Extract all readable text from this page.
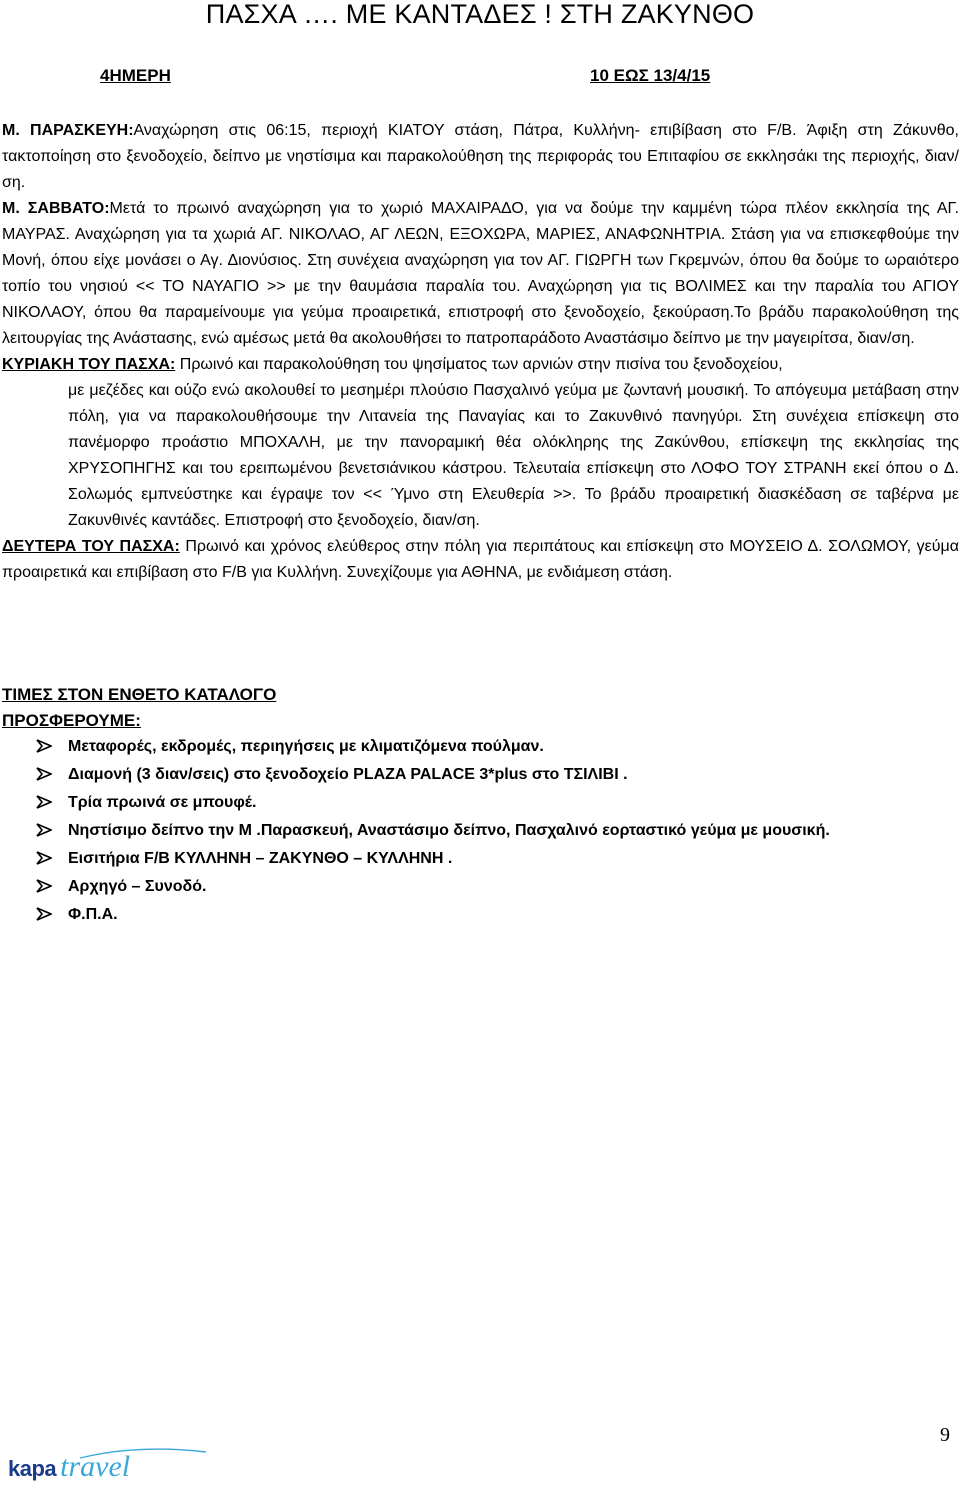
ΠΑΣΧΑ …. ΜΕ ΚΑΝΤΑΔΕΣ ! ΣΤΗ ΖΑΚΥΝΘΟ
4ΗΜΕΡΗ	10 ΕΩΣ 13/4/15

Μ. ΠΑΡΑΣΚΕΥΗ:Αναχώρηση στις 06:15, περιοχή ΚΙΑΤΟΥ στάση, Πάτρα, Κυλλήνη- επιβίβαση στο F/B. Άφιξη στη Ζάκυνθο, τακτοποίηση στο ξενοδοχείο, δείπνο με νηστίσιμα και παρακολούθηση της περιφοράς του Επιταφίου σε εκκλησάκι της περιοχής, διαν/ση.

Μ. ΣΑΒΒΑΤΟ:Μετά το πρωινό αναχώρηση για το χωριό ΜΑΧΑΙΡΑΔΟ, για να δούμε την καμμένη τώρα πλέον εκκλησία της ΑΓ. ΜΑΥΡΑΣ. Αναχώρηση για τα χωριά ΑΓ. ΝΙΚΟΛΑΟ, ΑΓ ΛΕΩΝ, ΕΞΟΧΩΡΑ, ΜΑΡΙΕΣ, ΑΝΑΦΩΝΗΤΡΙΑ. Στάση για να επισκεφθούμε την Μονή, όπου είχε μονάσει ο Αγ. Διονύσιος. Στη συνέχεια αναχώρηση για τον ΑΓ. ΓΙΩΡΓΗ των Γκρεμνών, όπου θα δούμε το ωραιότερο τοπίο του νησιού << ΤΟ ΝΑΥΑΓΙΟ >> με την θαυμάσια παραλία του. Αναχώρηση για τις ΒΟΛΙΜΕΣ και την παραλία του ΑΓΙΟΥ ΝΙΚΟΛΑΟΥ, όπου θα παραμείνουμε για γεύμα προαιρετικά, επιστροφή στο ξενοδοχείο, ξεκούραση.Το βράδυ παρακολούθηση της λειτουργίας της Ανάστασης, ενώ αμέσως μετά θα ακολουθήσει το πατροπαράδοτο Αναστάσιμο δείπνο με την μαγειρίτσα, διαν/ση.

ΚΥΡΙΑΚΗ ΤΟΥ ΠΑΣΧΑ: Πρωινό και παρακολούθηση του ψησίματος των αρνιών στην πισίνα του ξενοδοχείου,

με μεζέδες και ούζο ενώ ακολουθεί το μεσημέρι πλούσιο Πασχαλινό γεύμα με ζωντανή μουσική. Το απόγευμα μετάβαση στην πόλη, για να παρακολουθήσουμε την Λιτανεία της Παναγίας και το Ζακυνθινό πανηγύρι. Στη συνέχεια επίσκεψη στο πανέμορφο προάστιο ΜΠΟΧΑΛΗ, με την πανοραμική θέα ολόκληρης της Ζακύνθου, επίσκεψη της εκκλησίας της ΧΡΥΣΟΠΗΓΗΣ και του ερειπωμένου βενετσιάνικου κάστρου. Τελευταία επίσκεψη στο ΛΟΦΟ ΤΟΥ ΣΤΡΑΝΗ εκεί όπου ο Δ. Σολωμός εμπνεύστηκε και έγραψε τον << Ύμνο στη Ελευθερία >>. Το βράδυ προαιρετική διασκέδαση σε ταβέρνα με Ζακυνθινές καντάδες. Επιστροφή στο ξενοδοχείο, διαν/ση.

ΔΕΥΤΕΡΑ ΤΟΥ ΠΑΣΧΑ: Πρωινό και χρόνος ελεύθερος στην πόλη για περιπάτους και επίσκεψη στο ΜΟΥΣΕΙΟ Δ. ΣΟΛΩΜΟΥ, γεύμα προαιρετικά και επιβίβαση στο F/B για Κυλλήνη. Συνεχίζουμε για ΑΘΗΝΑ, με ενδιάμεση στάση.

ΤΙΜΕΣ ΣΤΟΝ ΕΝΘΕΤΟ ΚΑΤΑΛΟΓΟ
ΠΡΟΣΦΕΡΟΥΜΕ:
Μεταφορές, εκδρομές, περιηγήσεις με κλιματιζόμενα πούλμαν.
Διαμονή (3 διαν/σεις) στο ξενοδοχείο PLAZA PALACE 3*plus στο ΤΣΙΛΙΒΙ .
Τρία πρωινά σε μπουφέ.
Νηστίσιμο δείπνο την Μ .Παρασκευή, Αναστάσιμο δείπνο, Πασχαλινό εορταστικό γεύμα με μουσική.
Εισιτήρια F/B ΚΥΛΛΗΝΗ – ΖΑΚΥΝΘΟ – ΚΥΛΛΗΝΗ .
Αρχηγό – Συνοδό.
Φ.Π.Α.
9
kapa travel
